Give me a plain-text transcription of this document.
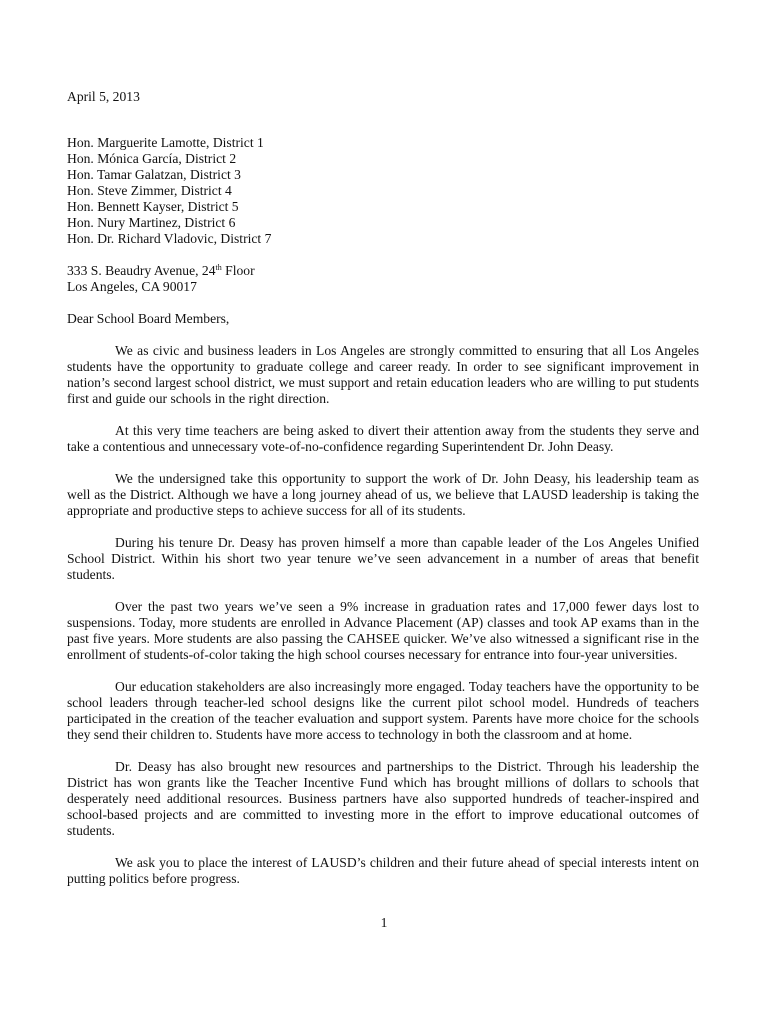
April 5, 2013
Hon. Marguerite Lamotte, District 1
Hon. Mónica García, District 2
Hon. Tamar Galatzan, District 3
Hon. Steve Zimmer, District 4
Hon. Bennett Kayser, District 5
Hon. Nury Martinez, District 6
Hon. Dr. Richard Vladovic, District 7
333 S. Beaudry Avenue, 24th Floor
Los Angeles, CA 90017
Dear School Board Members,

We as civic and business leaders in Los Angeles are strongly committed to ensuring that all Los Angeles students have the opportunity to graduate college and career ready. In order to see significant improvement in nation’s second largest school district, we must support and retain education leaders who are willing to put students first and guide our schools in the right direction.

At this very time teachers are being asked to divert their attention away from the students they serve and take a contentious and unnecessary vote-of-no-confidence regarding Superintendent Dr. John Deasy.

We the undersigned take this opportunity to support the work of Dr. John Deasy, his leadership team as well as the District. Although we have a long journey ahead of us, we believe that LAUSD leadership is taking the appropriate and productive steps to achieve success for all of its students.

During his tenure Dr. Deasy has proven himself a more than capable leader of the Los Angeles Unified School District. Within his short two year tenure we’ve seen advancement in a number of areas that benefit students.

Over the past two years we’ve seen a 9% increase in graduation rates and 17,000 fewer days lost to suspensions. Today, more students are enrolled in Advance Placement (AP) classes and took AP exams than in the past five years. More students are also passing the CAHSEE quicker. We’ve also witnessed a significant rise in the enrollment of students-of-color taking the high school courses necessary for entrance into four-year universities.

Our education stakeholders are also increasingly more engaged. Today teachers have the opportunity to be school leaders through teacher-led school designs like the current pilot school model. Hundreds of teachers participated in the creation of the teacher evaluation and support system. Parents have more choice for the schools they send their children to. Students have more access to technology in both the classroom and at home.

Dr. Deasy has also brought new resources and partnerships to the District. Through his leadership the District has won grants like the Teacher Incentive Fund which has brought millions of dollars to schools that desperately need additional resources. Business partners have also supported hundreds of teacher-inspired and school-based projects and are committed to investing more in the effort to improve educational outcomes of students.

We ask you to place the interest of LAUSD’s children and their future ahead of special interests intent on putting politics before progress.

1
